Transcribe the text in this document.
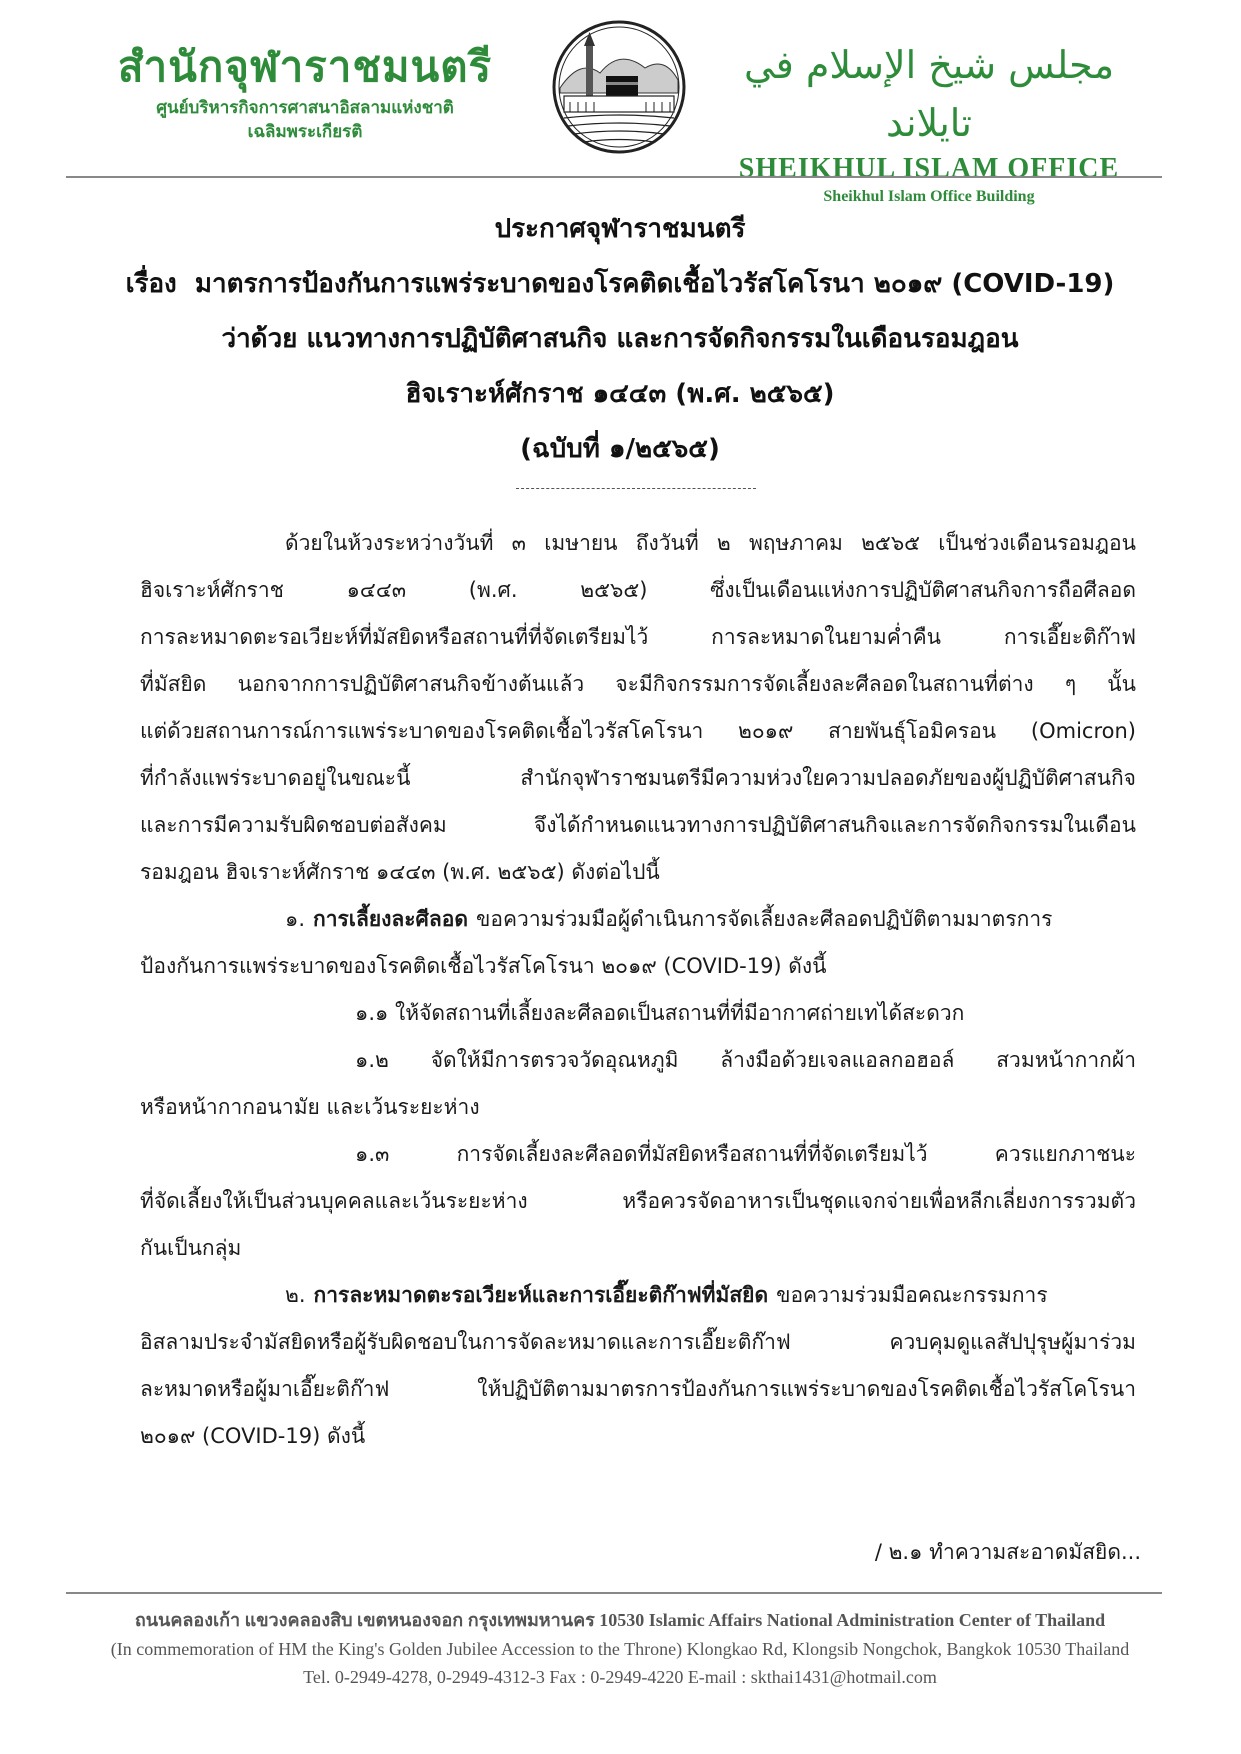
สำนักจุฬาราชมนตรี
ศูนย์บริหารกิจการศาสนาอิสลามแห่งชาติ
เฉลิมพระเกียรติ
مجلس شيخ الإسلام في تايلاند
SHEIKHUL ISLAM OFFICE
Sheikhul Islam Office Building
ประกาศจุฬาราชมนตรี
เรื่อง  มาตรการป้องกันการแพร่ระบาดของโรคติดเชื้อไวรัสโคโรนา ๒๐๑๙ (COVID-19)
ว่าด้วย แนวทางการปฏิบัติศาสนกิจ และการจัดกิจกรรมในเดือนรอมฎอน
ฮิจเราะห์ศักราช ๑๔๔๓ (พ.ศ. ๒๕๖๕)
(ฉบับที่ ๑/๒๕๖๕)
ด้วยในห้วงระหว่างวันที่ ๓ เมษายน ถึงวันที่ ๒ พฤษภาคม ๒๕๖๕ เป็นช่วงเดือนรอมฎอน
ฮิจเราะห์ศักราช ๑๔๔๓ (พ.ศ. ๒๕๖๕) ซึ่งเป็นเดือนแห่งการปฏิบัติศาสนกิจการถือศีลอด
การละหมาดตะรอเวียะห์ที่มัสยิดหรือสถานที่ที่จัดเตรียมไว้ การละหมาดในยามค่ำคืน การเอี๊ยะติก๊าฟ
ที่มัสยิด นอกจากการปฏิบัติศาสนกิจข้างต้นแล้ว จะมีกิจกรรมการจัดเลี้ยงละศีลอดในสถานที่ต่าง ๆ นั้น
แต่ด้วยสถานการณ์การแพร่ระบาดของโรคติดเชื้อไวรัสโคโรนา ๒๐๑๙ สายพันธุ์โอมิครอน (Omicron)
ที่กำลังแพร่ระบาดอยู่ในขณะนี้ สำนักจุฬาราชมนตรีมีความห่วงใยความปลอดภัยของผู้ปฏิบัติศาสนกิจ
และการมีความรับผิดชอบต่อสังคม จึงได้กำหนดแนวทางการปฏิบัติศาสนกิจและการจัดกิจกรรมในเดือน
รอมฎอน ฮิจเราะห์ศักราช ๑๔๔๓ (พ.ศ. ๒๕๖๕) ดังต่อไปนี้
๑. การเลี้ยงละศีลอด ขอความร่วมมือผู้ดำเนินการจัดเลี้ยงละศีลอดปฏิบัติตามมาตรการ
ป้องกันการแพร่ระบาดของโรคติดเชื้อไวรัสโคโรนา ๒๐๑๙ (COVID-19) ดังนี้
๑.๑ ให้จัดสถานที่เลี้ยงละศีลอดเป็นสถานที่ที่มีอากาศถ่ายเทได้สะดวก
๑.๒ จัดให้มีการตรวจวัดอุณหภูมิ ล้างมือด้วยเจลแอลกอฮอล์ สวมหน้ากากผ้า
หรือหน้ากากอนามัย และเว้นระยะห่าง
๑.๓ การจัดเลี้ยงละศีลอดที่มัสยิดหรือสถานที่ที่จัดเตรียมไว้ ควรแยกภาชนะ
ที่จัดเลี้ยงให้เป็นส่วนบุคคลและเว้นระยะห่าง หรือควรจัดอาหารเป็นชุดแจกจ่ายเพื่อหลีกเลี่ยงการรวมตัว
กันเป็นกลุ่ม
๒. การละหมาดตะรอเวียะห์และการเอี๊ยะติก๊าฟที่มัสยิด ขอความร่วมมือคณะกรรมการ
อิสลามประจำมัสยิดหรือผู้รับผิดชอบในการจัดละหมาดและการเอี๊ยะติก๊าฟ ควบคุมดูแลสัปปุรุษผู้มาร่วม
ละหมาดหรือผู้มาเอี๊ยะติก๊าฟ ให้ปฏิบัติตามมาตรการป้องกันการแพร่ระบาดของโรคติดเชื้อไวรัสโคโรนา
๒๐๑๙ (COVID-19) ดังนี้
/ ๒.๑ ทำความสะอาดมัสยิด...
ถนนคลองเก้า แขวงคลองสิบ เขตหนองจอก กรุงเทพมหานคร 10530 Islamic Affairs National Administration Center of Thailand
(In commemoration of HM the King's Golden Jubilee Accession to the Throne) Klongkao Rd, Klongsib Nongchok, Bangkok 10530 Thailand
Tel. 0-2949-4278, 0-2949-4312-3 Fax : 0-2949-4220 E-mail : skthai1431@hotmail.com
